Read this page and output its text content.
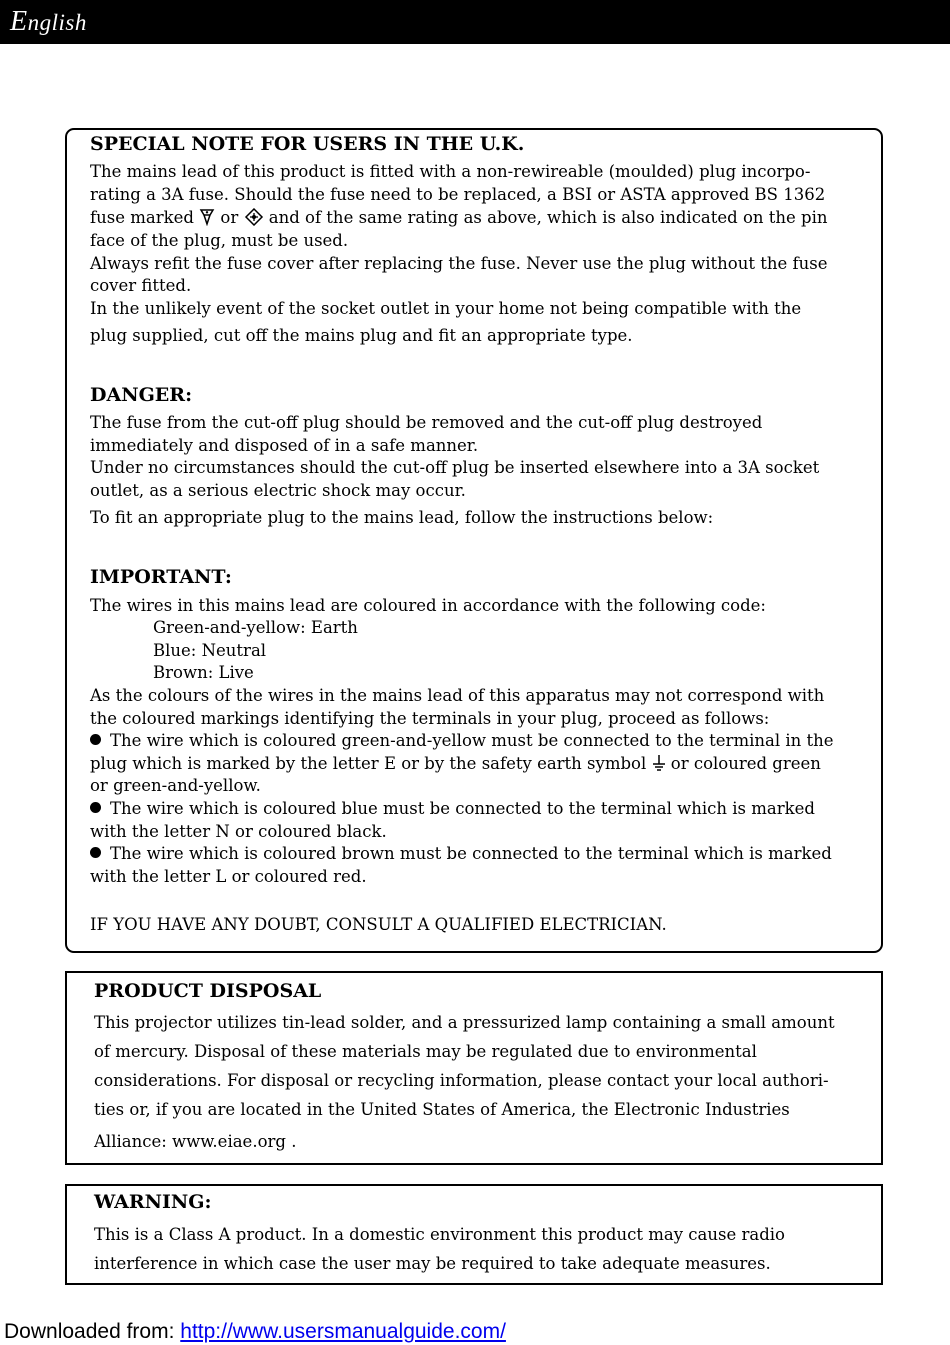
English
SPECIAL NOTE FOR USERS IN THE U.K.

The mains lead of this product is fitted with a non-rewireable (moulded) plug incorpo-

rating a 3A fuse. Should the fuse need to be replaced, a BSI or ASTA approved BS 1362

fuse marked or and of the same rating as above, which is also indicated on the pin

face of the plug, must be used.

Always refit the fuse cover after replacing the fuse. Never use the plug without the fuse

cover fitted.

In the unlikely event of the socket outlet in your home not being compatible with the

plug supplied, cut off the mains plug and fit an appropriate type.

DANGER:

The fuse from the cut-off plug should be removed and the cut-off plug destroyed

immediately and disposed of in a safe manner.

Under no circumstances should the cut-off plug be inserted elsewhere into a 3A socket

outlet, as a serious electric shock may occur.

To fit an appropriate plug to the mains lead, follow the instructions below:

IMPORTANT:

The wires in this mains lead are coloured in accordance with the following code:

Green-and-yellow: Earth

Blue: Neutral

Brown: Live

As the colours of the wires in the mains lead of this apparatus may not correspond with

the coloured markings identifying the terminals in your plug, proceed as follows:

The wire which is coloured green-and-yellow must be connected to the terminal in the

plug which is marked by the letter E or by the safety earth symbol or coloured green

or green-and-yellow.

The wire which is coloured blue must be connected to the terminal which is marked

with the letter N or coloured black.

The wire which is coloured brown must be connected to the terminal which is marked

with the letter L or coloured red.

IF YOU HAVE ANY DOUBT, CONSULT A QUALIFIED ELECTRICIAN.

PRODUCT DISPOSAL

This projector utilizes tin-lead solder, and a pressurized lamp containing a small amount

of mercury. Disposal of these materials may be regulated due to environmental

considerations. For disposal or recycling information, please contact your local authori-

ties or, if you are located in the United States of America, the Electronic Industries

Alliance: www.eiae.org .

WARNING:

This is a Class A product. In a domestic environment this product may cause radio

interference in which case the user may be required to take adequate measures.

Downloaded from: http://www.usersmanualguide.com/
